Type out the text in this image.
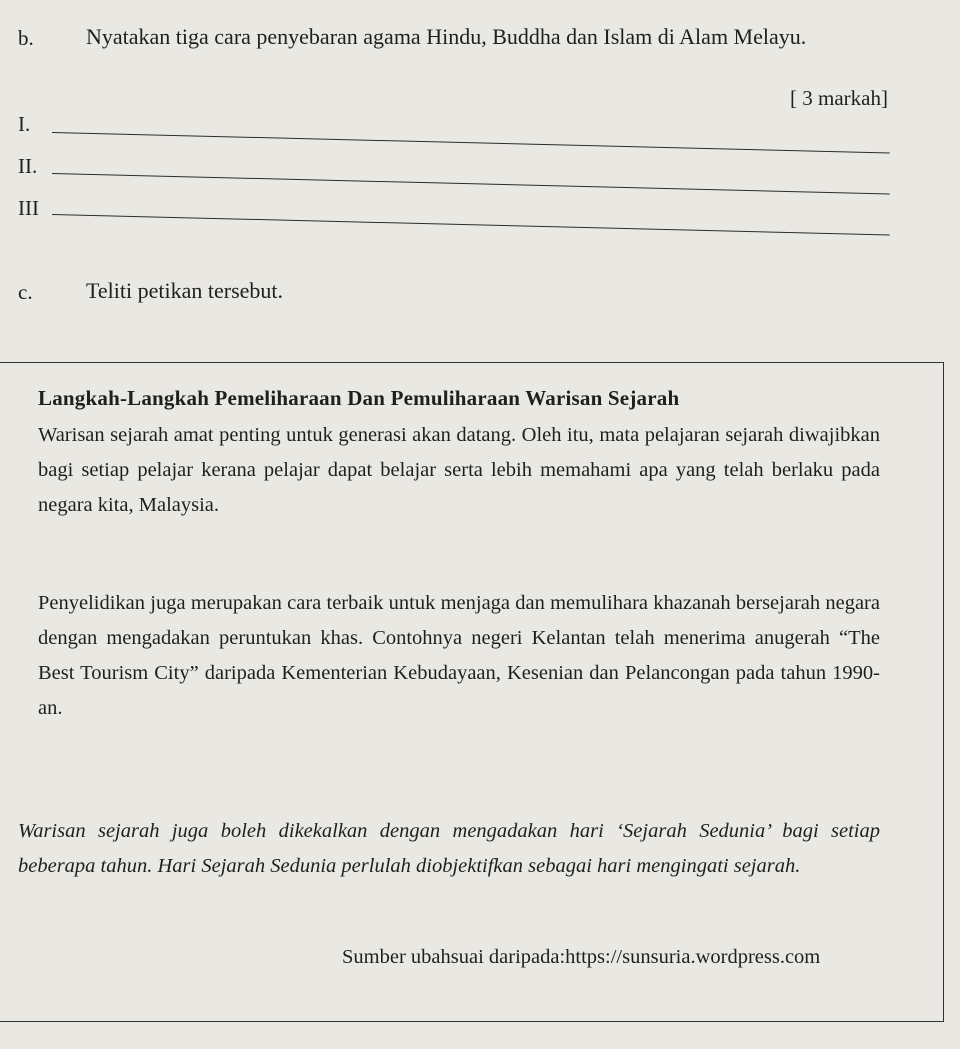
b. Nyatakan tiga cara penyebaran agama Hindu, Buddha dan Islam di Alam Melayu.
[ 3 markah]
I.
II.
III
c. Teliti petikan tersebut.
Langkah-Langkah Pemeliharaan Dan Pemuliharaan Warisan Sejarah
Warisan sejarah amat penting untuk generasi akan datang. Oleh itu, mata pelajaran sejarah diwajibkan bagi setiap pelajar kerana pelajar dapat belajar serta lebih memahami apa yang telah berlaku pada negara kita, Malaysia.
Penyelidikan juga merupakan cara terbaik untuk menjaga dan memulihara khazanah bersejarah negara dengan mengadakan peruntukan khas. Contohnya negeri Kelantan telah menerima anugerah “The Best Tourism City” daripada Kementerian Kebudayaan, Kesenian dan Pelancongan pada tahun 1990-an.
Warisan sejarah juga boleh dikekalkan dengan mengadakan hari ‘Sejarah Sedunia’ bagi setiap beberapa tahun. Hari Sejarah Sedunia perlulah diobjektifkan sebagai hari mengingati sejarah.
Sumber ubahsuai daripada:https://sunsuria.wordpress.com
